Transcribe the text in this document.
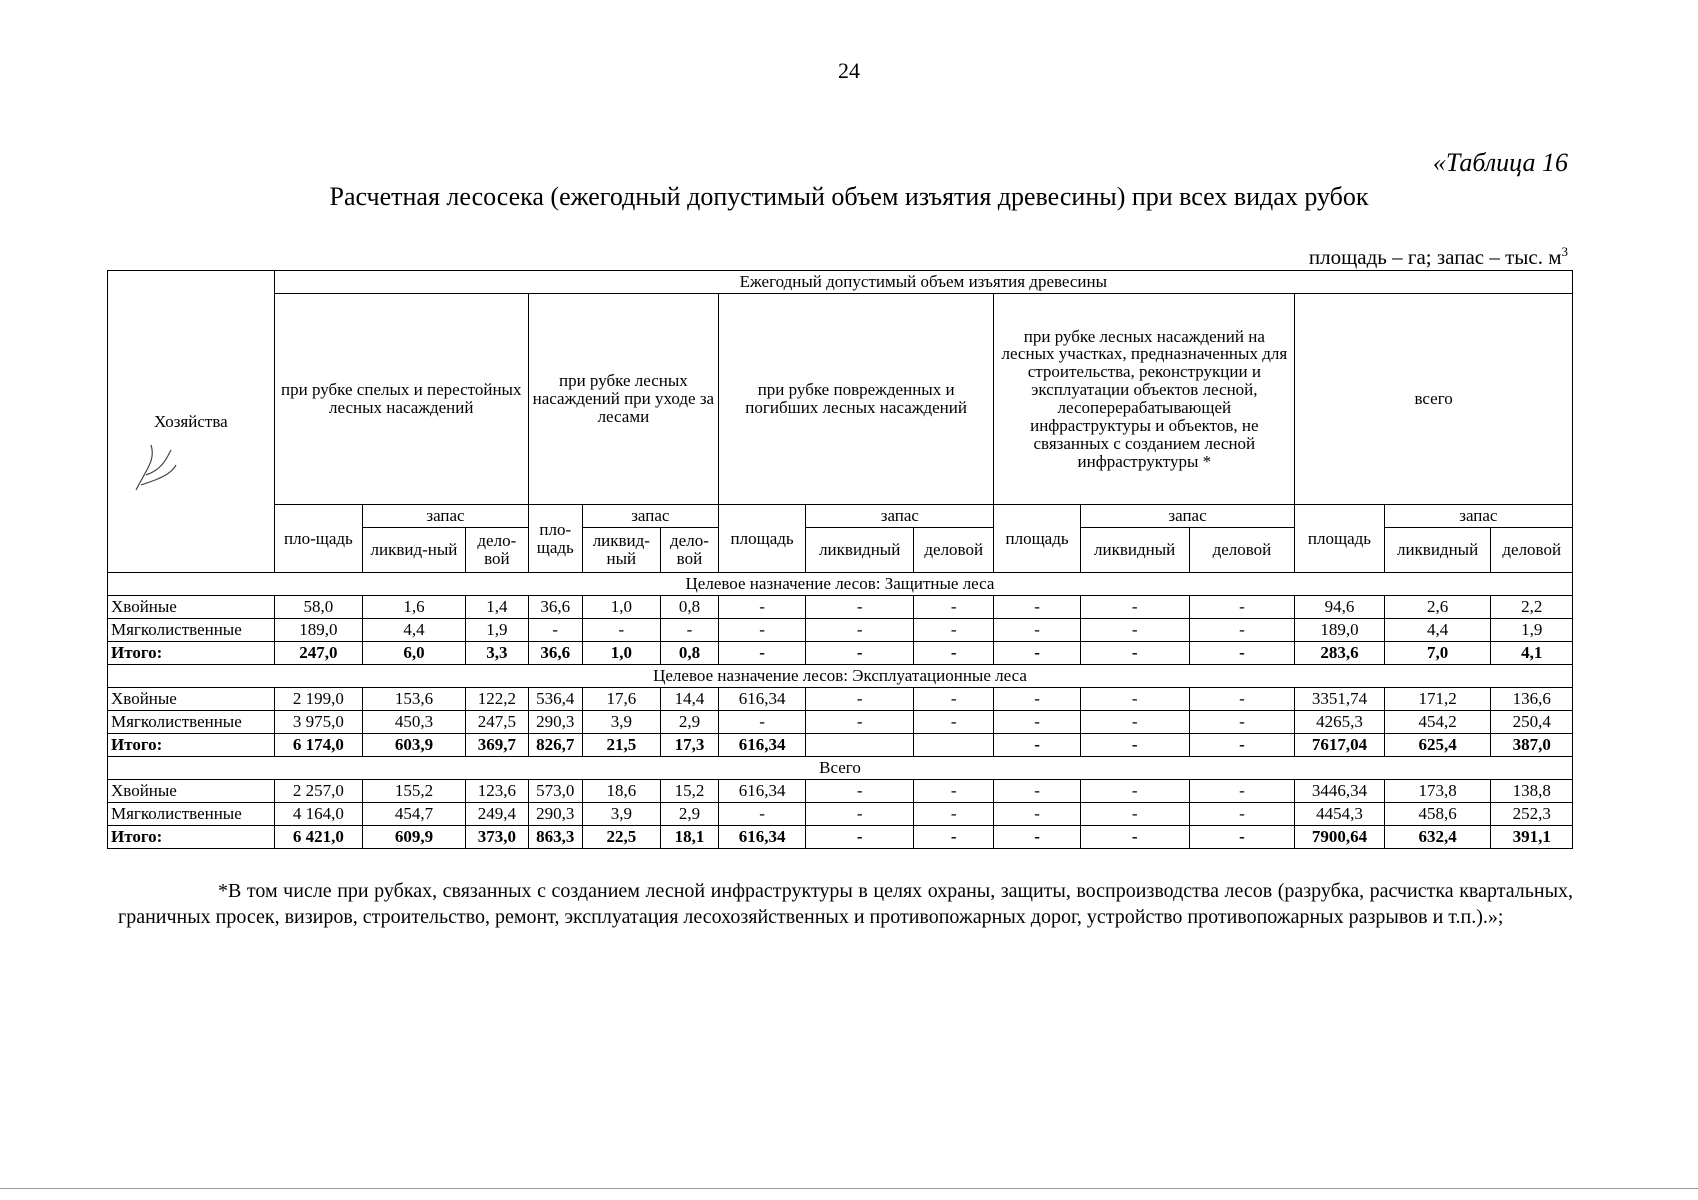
24
«Таблица 16
Расчетная лесосека (ежегодный допустимый объем изъятия древесины) при всех видах рубок
площадь – га; запас – тыс. $м^3$
Хозяйства	Ежегодный допустимый объем изъятия древесины														
	при рубке спелых и перестойных лесных насаждений			при рубке лесных насаждений при уходе за лесами			при рубке поврежденных и погибших лесных насаждений			при рубке лесных насаждений на лесных участках, предназначенных для строительства, реконструкции и эксплуатации объектов лесной, лесоперерабатывающей инфраструктуры и объектов, не связанных с созданием лесной инфраструктуры *			всего		
	пло-щадь	запас		пло-щадь	запас		площадь	запас		площадь	запас		площадь	запас	
		ликвид-ный	дело-вой		ликвид-ный	дело-вой		ликвидный	деловой		ликвидный	деловой		ликвидный	деловой
Целевое назначение лесов: Защитные леса															
Хвойные	58,0	1,6	1,4	36,6	1,0	0,8	-	-	-	-	-	-	94,6	2,6	2,2
Мягколиственные	189,0	4,4	1,9	-	-	-	-	-	-	-	-	-	189,0	4,4	1,9
Итого:	247,0	6,0	3,3	36,6	1,0	0,8	-	-	-	-	-	-	283,6	7,0	4,1
Целевое назначение лесов: Эксплуатационные леса															
Хвойные	2 199,0	153,6	122,2	536,4	17,6	14,4	616,34	-	-	-	-	-	3351,74	171,2	136,6
Мягколиственные	3 975,0	450,3	247,5	290,3	3,9	2,9	-	-	-	-	-	-	4265,3	454,2	250,4
Итого:	6 174,0	603,9	369,7	826,7	21,5	17,3	616,34			-	-	-	7617,04	625,4	387,0
Всего															
Хвойные	2 257,0	155,2	123,6	573,0	18,6	15,2	616,34	-	-	-	-	-	3446,34	173,8	138,8
Мягколиственные	4 164,0	454,7	249,4	290,3	3,9	2,9	-	-	-	-	-	-	4454,3	458,6	252,3
Итого:	6 421,0	609,9	373,0	863,3	22,5	18,1	616,34	-	-	-	-	-	7900,64	632,4	391,1
*В том числе при рубках, связанных с созданием лесной инфраструктуры в целях охраны, защиты, воспроизводства лесов (разрубка, расчистка квартальных, граничных просек, визиров, строительство, ремонт, эксплуатация лесохозяйственных и противопожарных дорог, устройство противопожарных разрывов и т.п.).»;
